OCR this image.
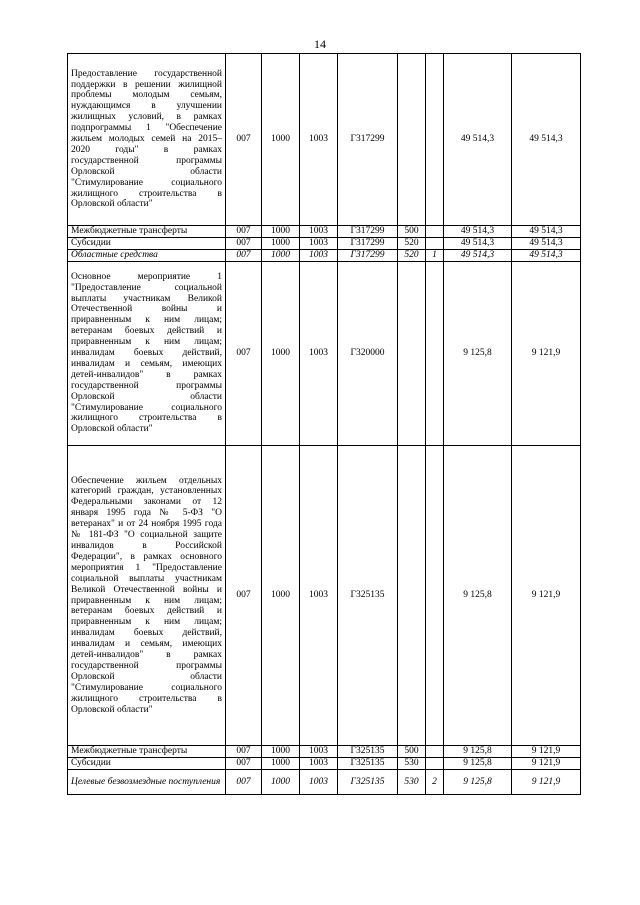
14
Предоставление государственной поддержки в решении жилищной проблемы молодым семьям, нуждающимся в улучшении жилищных условий, в рамках подпрограммы 1 "Обеспечение жильем молодых семей на 2015–2020 годы" в рамках государственной программы Орловской области "Стимулирование социального жилищного строительства в Орловской области"	007	1000	1003	Г317299			49 514,3	49 514,3
Межбюджетные трансферты	007	1000	1003	Г317299	500		49 514,3	49 514,3
Субсидии	007	1000	1003	Г317299	520		49 514,3	49 514,3
Областные средства	007	1000	1003	Г317299	520	1	49 514,3	49 514,3
Основное мероприятие 1 "Предоставление социальной выплаты участникам Великой Отечественной войны и приравненным к ним лицам; ветеранам боевых действий и приравненным к ним лицам; инвалидам боевых действий, инвалидам и семьям, имеющих детей-инвалидов" в рамках государственной программы Орловской области "Стимулирование социального жилищного строительства в Орловской области"	007	1000	1003	Г320000			9 125,8	9 121,9
Обеспечение жильем отдельных категорий граждан, установленных Федеральными законами от 12 января 1995 года № 5-ФЗ "О ветеранах" и от 24 ноября 1995 года № 181-ФЗ "О социальной защите инвалидов в Российской Федерации", в рамках основного мероприятия 1 "Предоставление социальной выплаты участникам Великой Отечественной войны и приравненным к ним лицам; ветеранам боевых действий и приравненным к ним лицам; инвалидам боевых действий, инвалидам и семьям, имеющих детей-инвалидов" в рамках государственной программы Орловской области "Стимулирование социального жилищного строительства в Орловской области"	007	1000	1003	Г325135			9 125,8	9 121,9
Межбюджетные трансферты	007	1000	1003	Г325135	500		9 125,8	9 121,9
Субсидии	007	1000	1003	Г325135	530		9 125,8	9 121,9
Целевые безвозмездные поступления	007	1000	1003	Г325135	530	2	9 125,8	9 121,9
